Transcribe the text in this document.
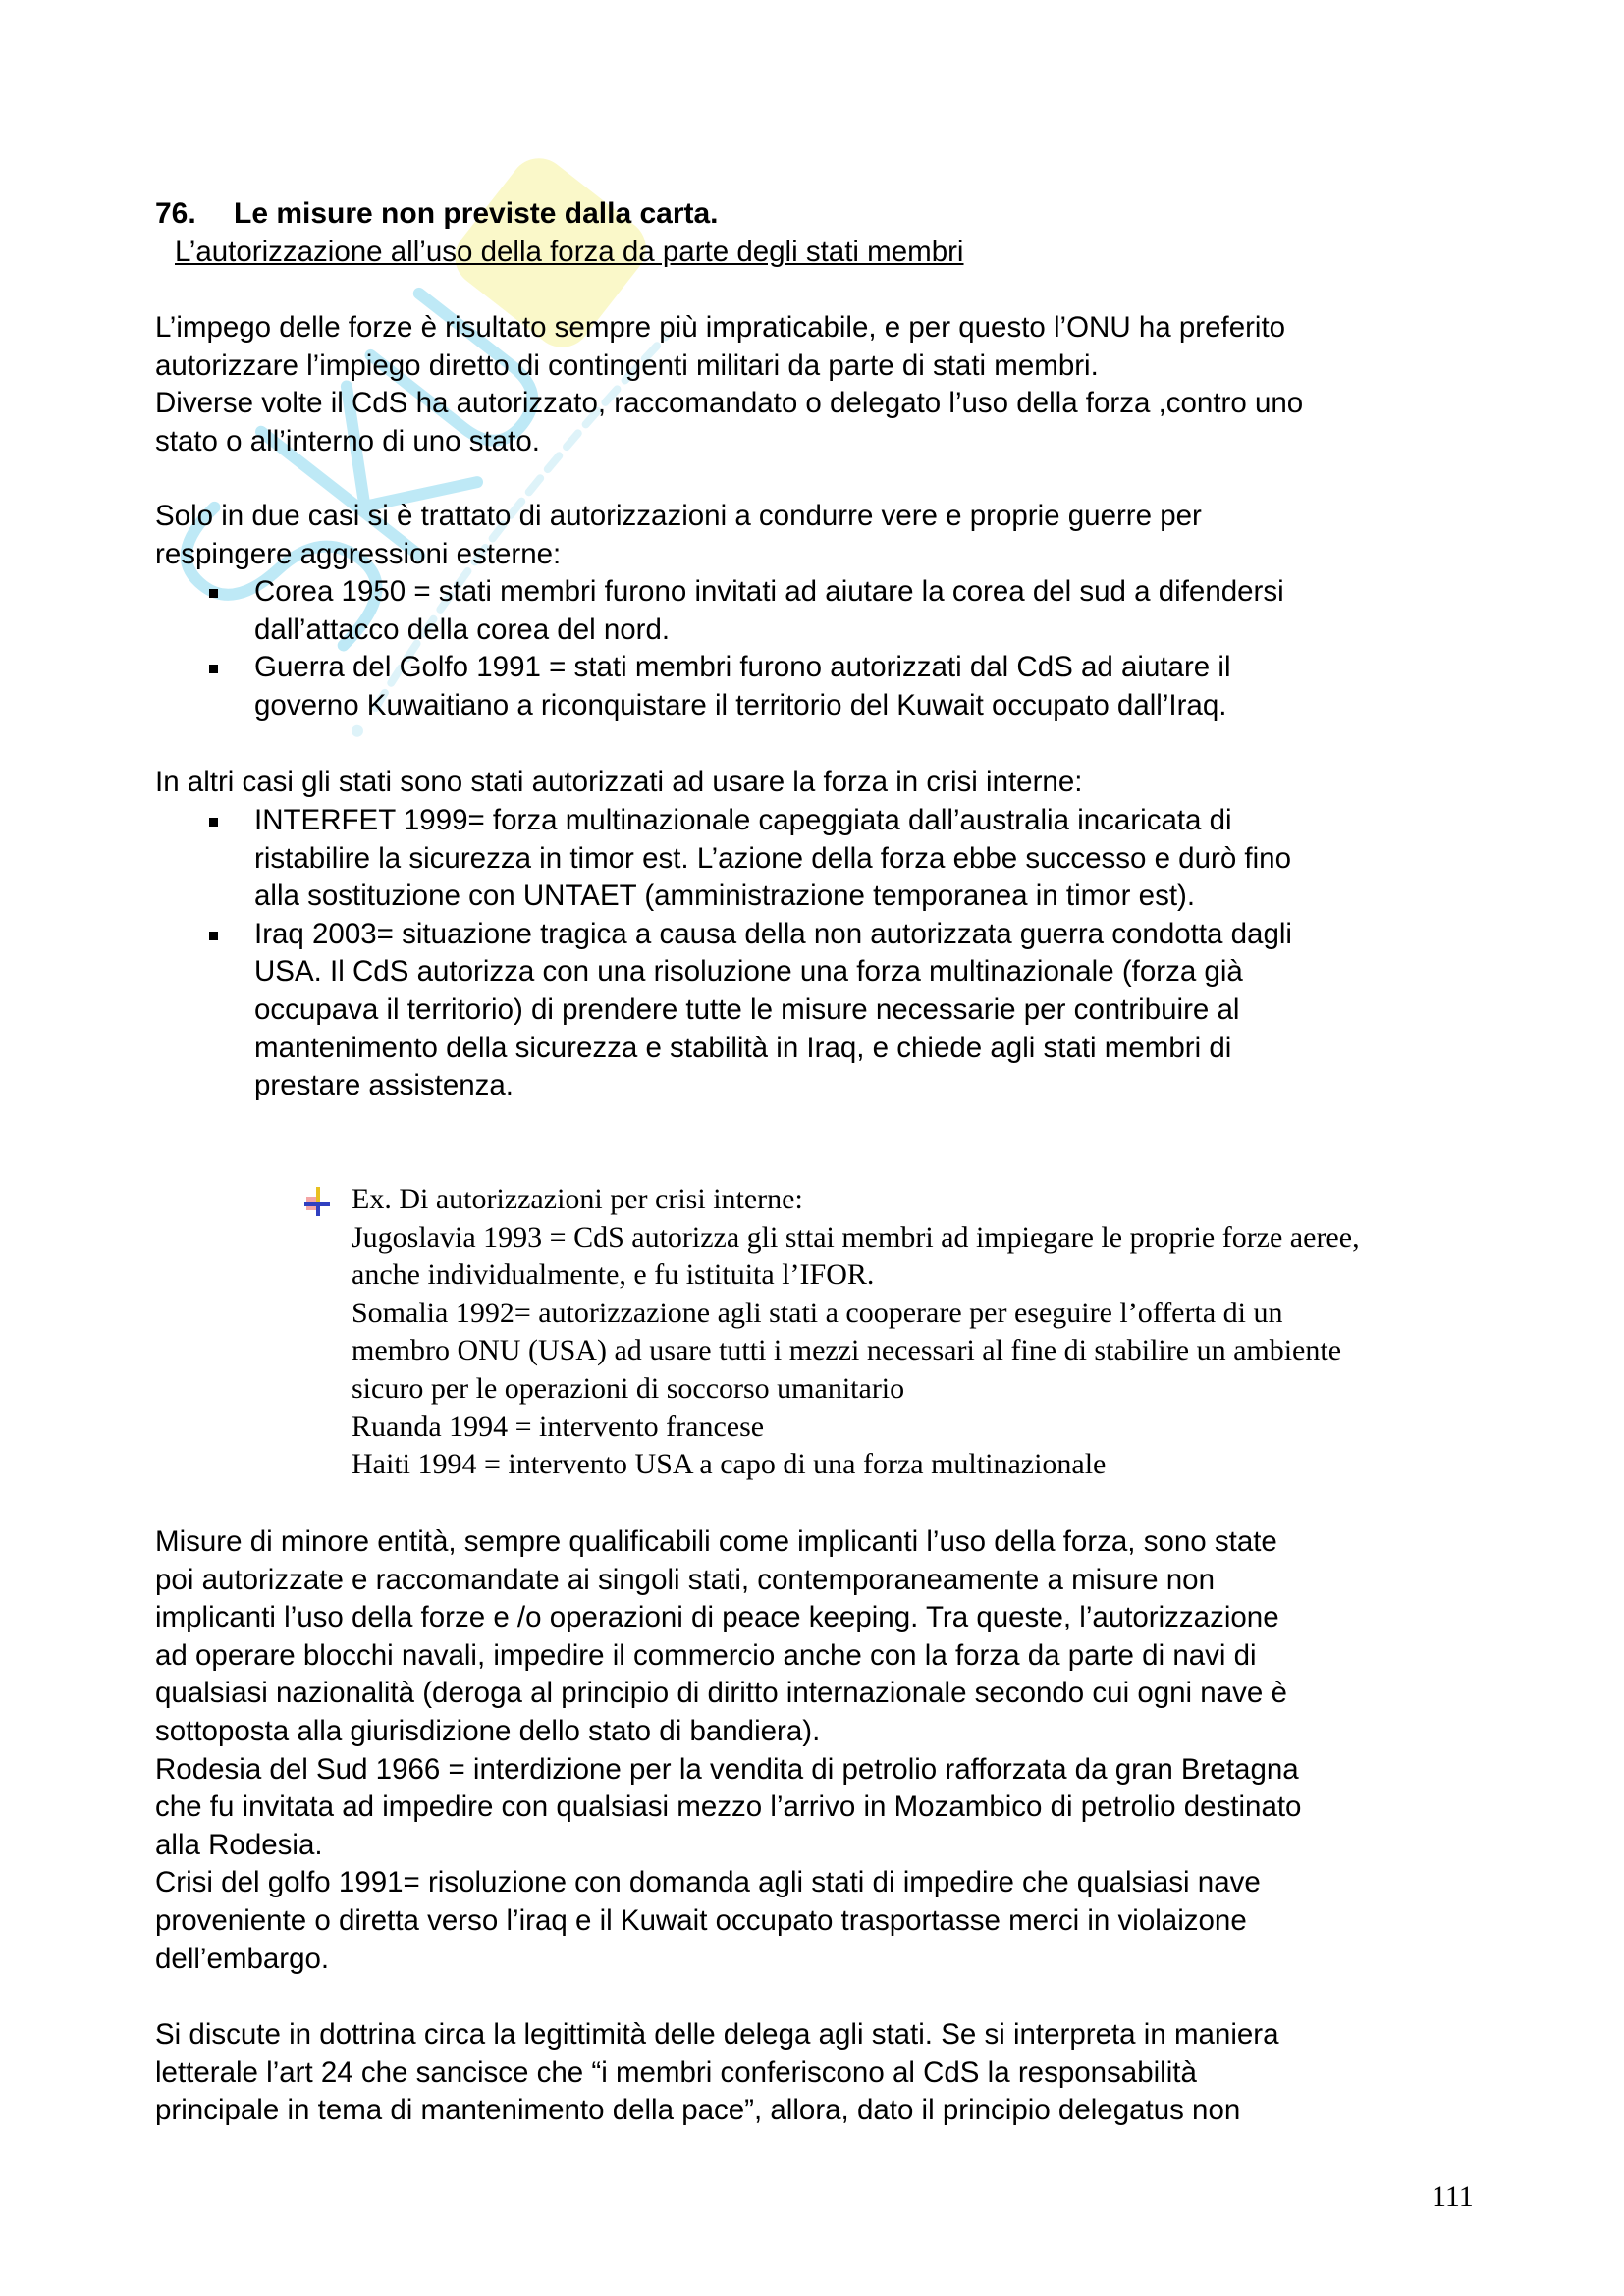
76. Le misure non previste dalla carta.
L’autorizzazione all’uso della forza da parte degli stati membri
L’impego delle forze è risultato sempre più impraticabile, e per questo l’ONU ha preferito
autorizzare l’impiego diretto di contingenti militari da parte di stati membri.
Diverse volte il CdS ha autorizzato, raccomandato o delegato l’uso della forza ,contro uno
stato o all’interno di uno stato.
Solo in due casi si è trattato di autorizzazioni a condurre vere e proprie guerre per
respingere aggressioni esterne:
Corea 1950 = stati membri furono invitati ad aiutare la corea del sud a difendersi
dall’attacco della corea del nord.
Guerra del Golfo 1991 = stati membri furono autorizzati dal CdS ad aiutare il
governo Kuwaitiano a riconquistare il territorio del Kuwait occupato dall’Iraq.
In altri casi gli stati sono stati autorizzati ad usare la forza in crisi interne:
INTERFET 1999= forza multinazionale capeggiata dall’australia incaricata di
ristabilire la sicurezza in timor est. L’azione della forza ebbe successo e durò fino
alla sostituzione con UNTAET (amministrazione temporanea in timor est).
Iraq 2003= situazione tragica a causa della non autorizzata guerra condotta dagli
USA. Il CdS autorizza con una risoluzione una forza multinazionale (forza già
occupava il territorio) di prendere tutte le misure necessarie per contribuire al
mantenimento della sicurezza e stabilità in Iraq, e chiede agli stati membri di
prestare assistenza.
Ex. Di autorizzazioni per crisi interne:
Jugoslavia 1993 = CdS autorizza gli sttai membri ad impiegare le proprie forze aeree,
anche individualmente, e fu istituita l’IFOR.
Somalia 1992= autorizzazione agli stati a cooperare per eseguire l’offerta di un
membro ONU (USA) ad usare tutti i mezzi necessari al fine di stabilire un ambiente
sicuro per le operazioni di soccorso umanitario
Ruanda 1994 = intervento francese
Haiti 1994 = intervento USA a capo di una forza multinazionale
Misure di minore entità, sempre qualificabili come implicanti l’uso della forza, sono state
poi autorizzate e raccomandate ai singoli stati, contemporaneamente a misure non
implicanti l’uso della forze e /o operazioni di peace keeping. Tra queste, l’autorizzazione
ad operare blocchi navali, impedire il commercio anche con la forza da parte di navi di
qualsiasi nazionalità (deroga al principio di diritto internazionale secondo cui ogni nave è
sottoposta alla giurisdizione dello stato di bandiera).
Rodesia del Sud 1966 = interdizione per la vendita di petrolio rafforzata da gran Bretagna
che fu invitata ad impedire con qualsiasi mezzo l’arrivo in Mozambico di petrolio destinato
alla Rodesia.
Crisi del golfo 1991= risoluzione con domanda agli stati di impedire che qualsiasi nave
proveniente o diretta verso l’iraq e il Kuwait occupato trasportasse merci in violaizone
dell’embargo.
Si discute in dottrina circa la legittimità delle delega agli stati. Se si interpreta in maniera
letterale l’art 24 che sancisce che “i membri conferiscono al CdS la responsabilità
principale in tema di mantenimento della pace”, allora, dato il principio delegatus non
111
